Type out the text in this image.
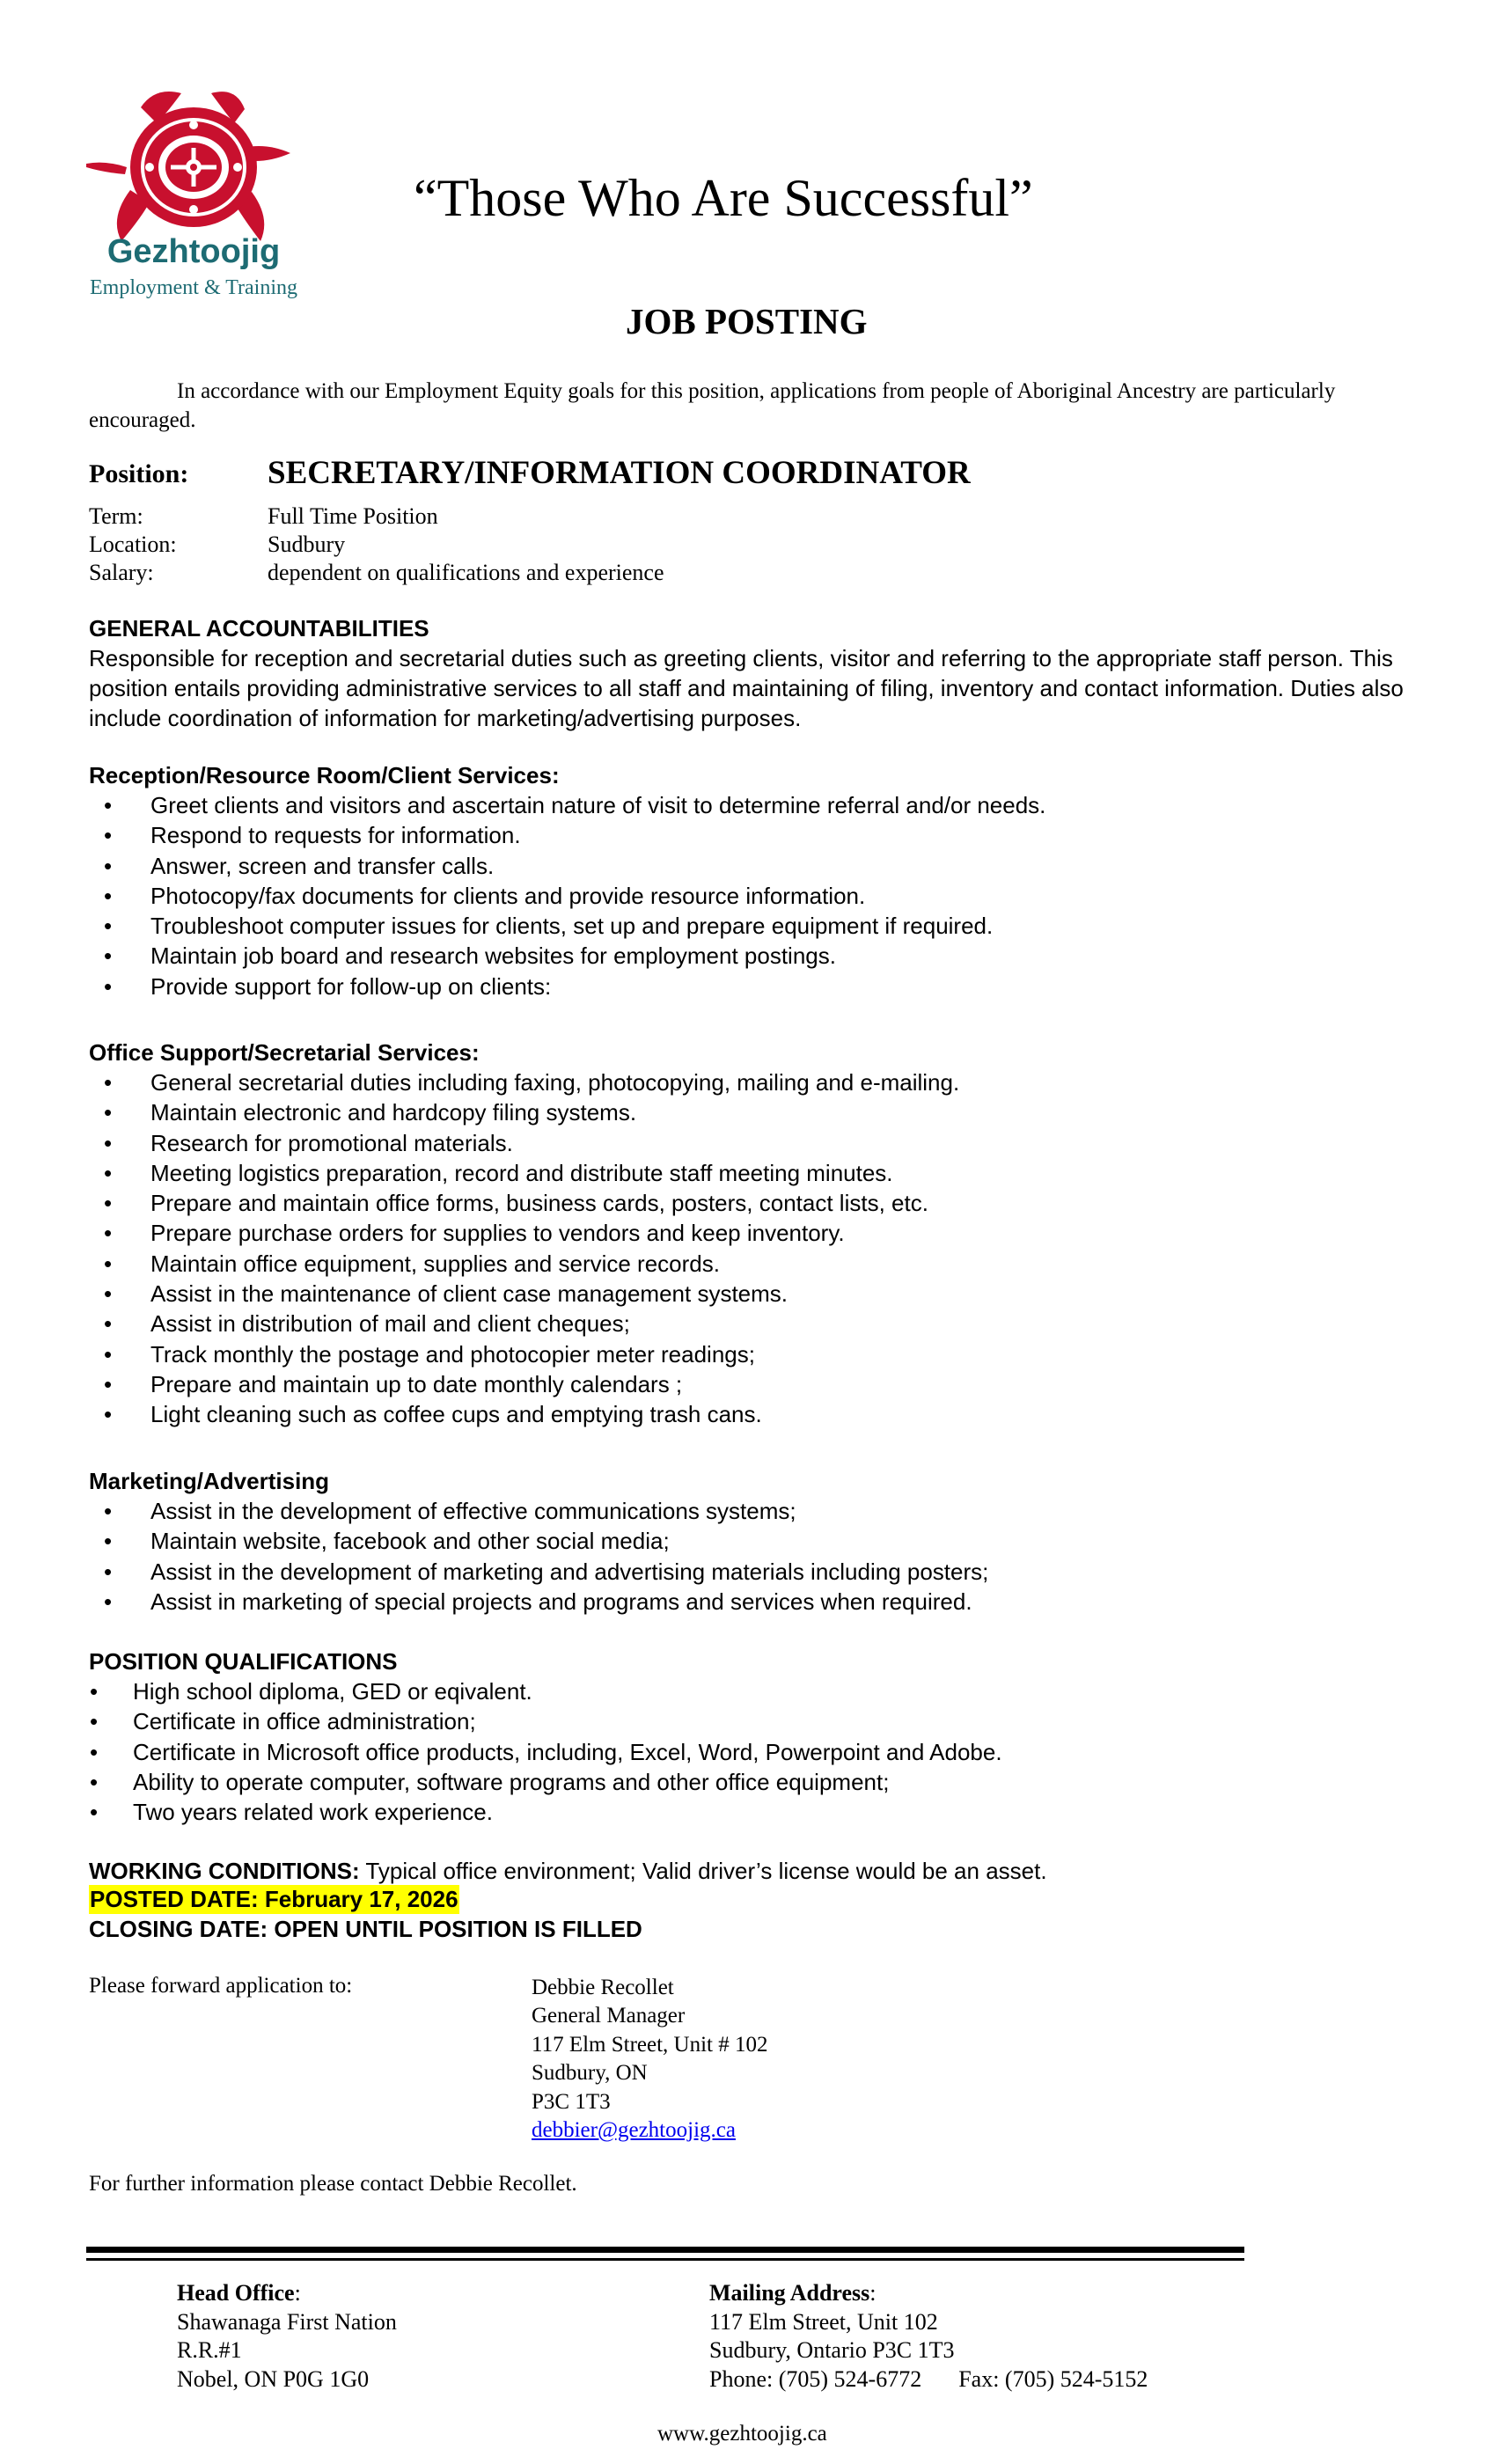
Gezhtoojig
Employment & Training
“Those Who Are Successful”
JOB POSTING

In accordance with our Employment Equity goals for this position, applications from people of Aboriginal Ancestry are particularly encouraged.

Position: SECRETARY/INFORMATION COORDINATOR
Term:	Full Time Position
Location:	Sudbury
Salary:	dependent on qualifications and experience
GENERAL ACCOUNTABILITIES

Responsible for reception and secretarial duties such as greeting clients, visitor and referring to the appropriate staff person. This position entails providing administrative services to all staff and maintaining of filing, inventory and contact information. Duties also include coordination of information for marketing/advertising purposes.

Reception/Resource Room/Client Services:
• Greet clients and visitors and ascertain nature of visit to determine referral and/or needs.
• Respond to requests for information.
• Answer, screen and transfer calls.
• Photocopy/fax documents for clients and provide resource information.
• Troubleshoot computer issues for clients, set up and prepare equipment if required.
• Maintain job board and research websites for employment postings.
• Provide support for follow-up on clients:
Office Support/Secretarial Services:
• General secretarial duties including faxing, photocopying, mailing and e-mailing.
• Maintain electronic and hardcopy filing systems.
• Research for promotional materials.
• Meeting logistics preparation, record and distribute staff meeting minutes.
• Prepare and maintain office forms, business cards, posters, contact lists, etc.
• Prepare purchase orders for supplies to vendors and keep inventory.
• Maintain office equipment, supplies and service records.
• Assist in the maintenance of client case management systems.
• Assist in distribution of mail and client cheques;
• Track monthly the postage and photocopier meter readings;
• Prepare and maintain up to date monthly calendars ;
• Light cleaning such as coffee cups and emptying trash cans.
Marketing/Advertising
• Assist in the development of effective communications systems;
• Maintain website, facebook and other social media;
• Assist in the development of marketing and advertising materials including posters;
• Assist in marketing of special projects and programs and services when required.
POSITION QUALIFICATIONS
• High school diploma, GED or eqivalent.
• Certificate in office administration;
• Certificate in Microsoft office products, including, Excel, Word, Powerpoint and Adobe.
• Ability to operate computer, software programs and other office equipment;
• Two years related work experience.
WORKING CONDITIONS: Typical office environment; Valid driver’s license would be an asset.
POSTED DATE: February 17, 2026
CLOSING DATE: OPEN UNTIL POSITION IS FILLED
Please forward application to:	Debbie Recollet
General Manager
117 Elm Street, Unit # 102
Sudbury, ON
P3C 1T3
debbier@gezhtoojig.ca
For further information please contact Debbie Recollet.
Head Office:
Shawanaga First Nation
R.R.#1
Nobel, ON P0G 1G0
Mailing Address:
117 Elm Street, Unit 102
Sudbury, Ontario P3C 1T3
Phone: (705) 524-6772 Fax: (705) 524-5152
www.gezhtoojig.ca
